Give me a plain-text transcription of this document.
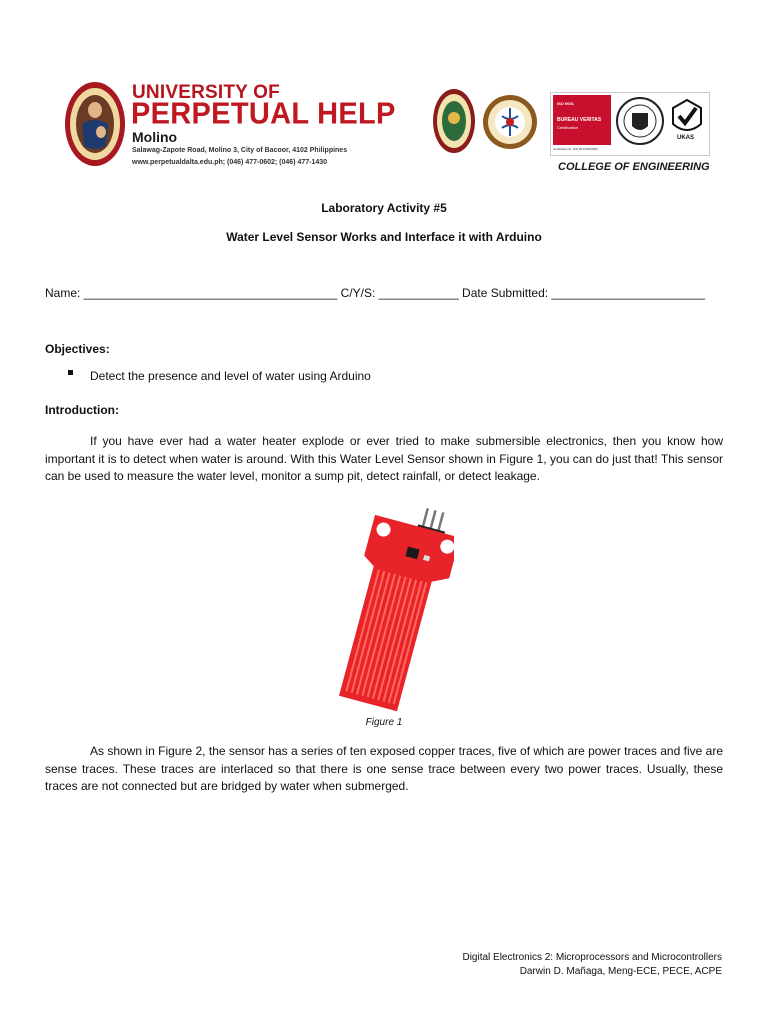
UNIVERSITY OF
PERPETUAL HELP
Molino
Salawag-Zapote Road, Molino 3, City of Bacoor, 4102 Philippines
www.perpetualdalta.edu.ph; (046) 477-0602; (046) 477-1430
ISO 9001
BUREAU VERITAS
Certification
UKAS
Certificate No. IND.20.1305/QM/U
COLLEGE OF ENGINEERING
Laboratory Activity #5
Water Level Sensor Works and Interface it with Arduino
Name: ______________________________________ C/Y/S: ____________ Date Submitted: _______________________
Objectives:
Detect the presence and level of water using Arduino
Introduction:

If you have ever had a water heater explode or ever tried to make submersible electronics, then you know how important it is to detect when water is around. With this Water Level Sensor shown in Figure 1, you can do just that! This sensor can be used to measure the water level, monitor a sump pit, detect rainfall, or detect leakage.

Figure 1

As shown in Figure 2, the sensor has a series of ten exposed copper traces, five of which are power traces and five are sense traces. These traces are interlaced so that there is one sense trace between every two power traces. Usually, these traces are not connected but are bridged by water when submerged.

Digital Electronics 2: Microprocessors and Microcontrollers
Darwin D. Mañaga, Meng-ECE, PECE, ACPE
